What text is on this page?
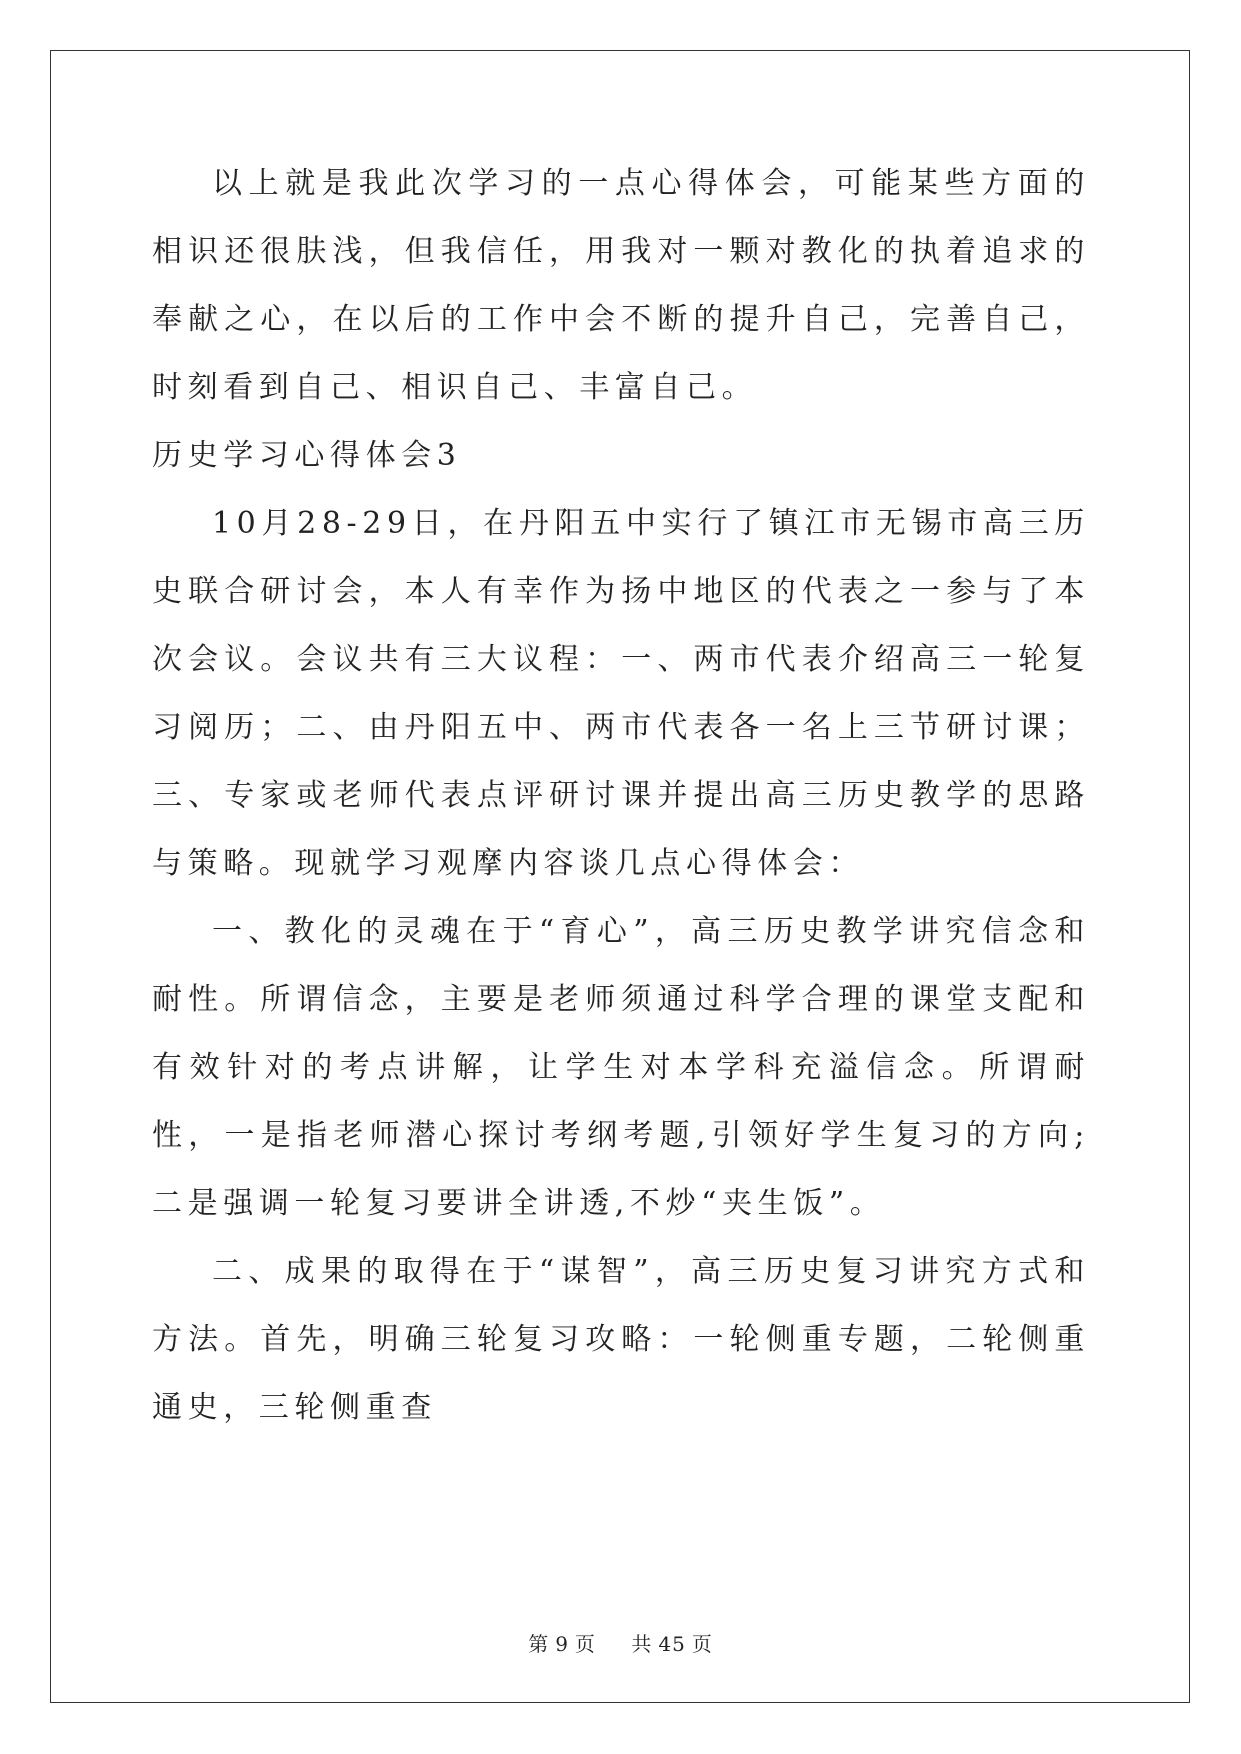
以上就是我此次学习的一点心得体会，可能某些方面的相识还很肤浅，但我信任，用我对一颗对教化的执着追求的奉献之心，在以后的工作中会不断的提升自己，完善自己，时刻看到自己、相识自己、丰富自己。

历史学习心得体会3

10月28-29日，在丹阳五中实行了镇江市无锡市高三历史联合研讨会，本人有幸作为扬中地区的代表之一参与了本次会议。会议共有三大议程：一、两市代表介绍高三一轮复习阅历；二、由丹阳五中、两市代表各一名上三节研讨课；三、专家或老师代表点评研讨课并提出高三历史教学的思路与策略。现就学习观摩内容谈几点心得体会：

一、教化的灵魂在于“育心”，高三历史教学讲究信念和耐性。所谓信念，主要是老师须通过科学合理的课堂支配和有效针对的考点讲解，让学生对本学科充溢信念。所谓耐性，一是指老师潜心探讨考纲考题,引领好学生复习的方向; 二是强调一轮复习要讲全讲透,不炒“夹生饭”。

二、成果的取得在于“谋智”，高三历史复习讲究方式和方法。首先，明确三轮复习攻略：一轮侧重专题，二轮侧重通史，三轮侧重查

第 9 页 共 45 页
